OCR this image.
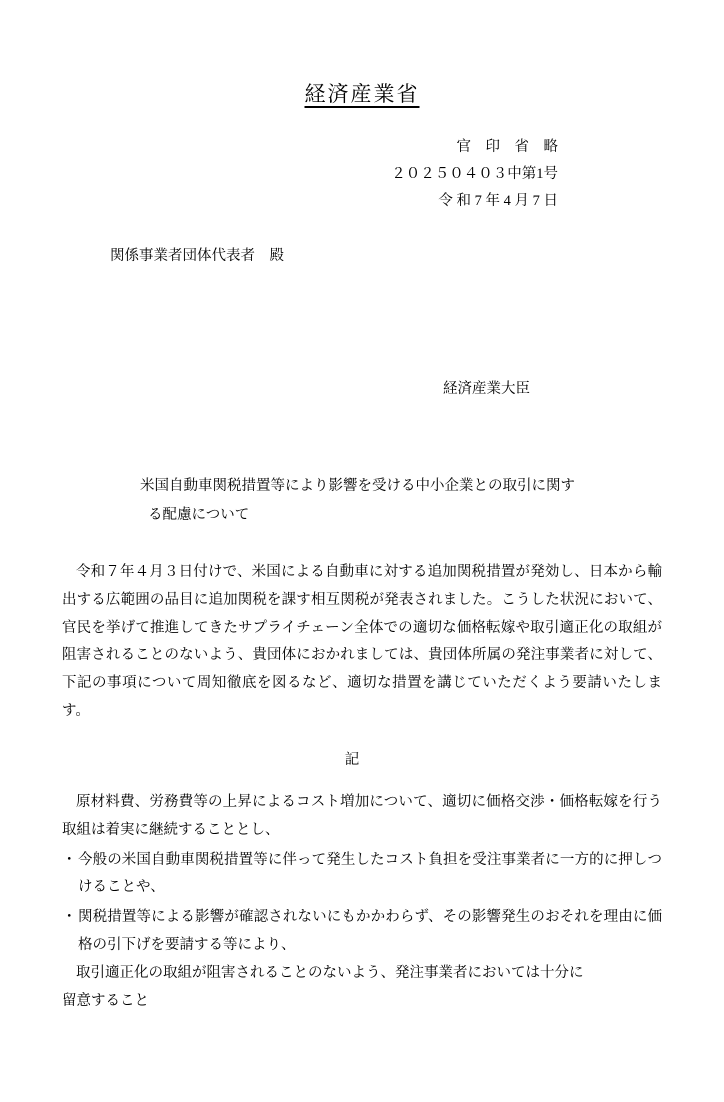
経済産業省
官　印　省　略
２０２５０４０３中第1号
令 和 7 年 4 月 7 日
関係事業者団体代表者　殿
経済産業大臣
米国自動車関税措置等により影響を受ける中小企業との取引に関す
る配慮について
令和７年４月３日付けで、米国による自動車に対する追加関税措置が発効し、日本から輸出する広範囲の品目に追加関税を課す相互関税が発表されました。こうした状況において、官民を挙げて推進してきたサプライチェーン全体での適切な価格転嫁や取引適正化の取組が阻害されることのないよう、貴団体におかれましては、貴団体所属の発注事業者に対して、下記の事項について周知徹底を図るなど、適切な措置を講じていただくよう要請いたします。
記
原材料費、労務費等の上昇によるコスト増加について、適切に価格交渉・価格転嫁を行う取組は着実に継続することとし、
・ 今般の米国自動車関税措置等に伴って発生したコスト負担を受注事業者に一方的に押しつけることや、
・ 関税措置等による影響が確認されないにもかかわらず、その影響発生のおそれを理由に価格の引下げを要請する等により、
取引適正化の取組が阻害されることのないよう、発注事業者においては十分に
留意すること
